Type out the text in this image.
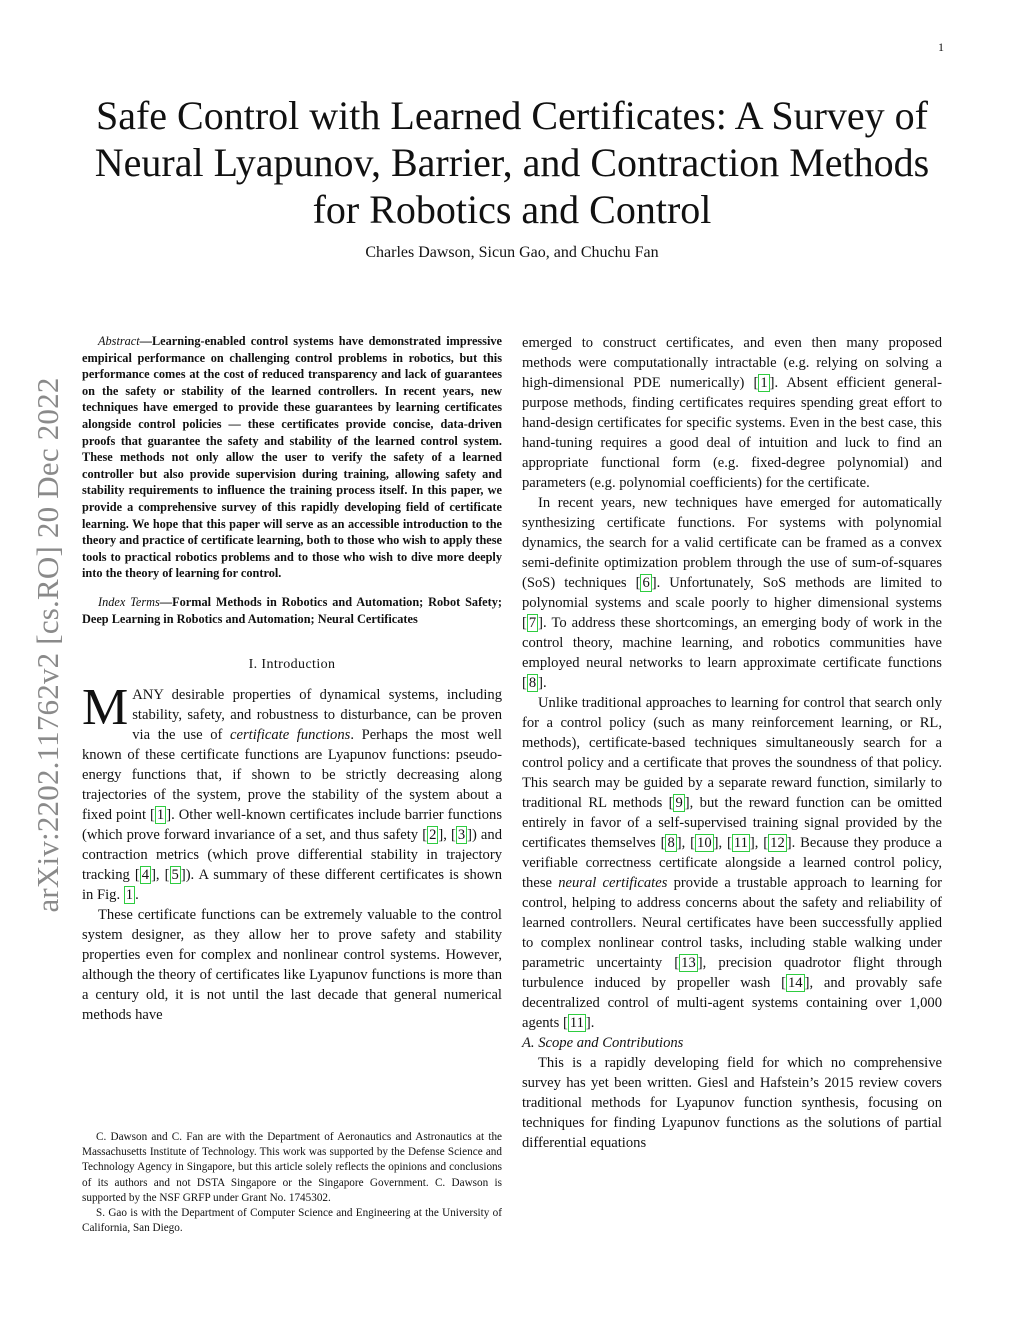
1
arXiv:2202.11762v2 [cs.RO] 20 Dec 2022
Safe Control with Learned Certificates: A Survey of
Neural Lyapunov, Barrier, and Contraction Methods
for Robotics and Control
Charles Dawson, Sicun Gao, and Chuchu Fan

Abstract—Learning-enabled control systems have demonstrated impressive empirical performance on challenging control problems in robotics, but this performance comes at the cost of reduced transparency and lack of guarantees on the safety or stability of the learned controllers. In recent years, new techniques have emerged to provide these guarantees by learning certificates alongside control policies — these certificates provide concise, data-driven proofs that guarantee the safety and stability of the learned control system. These methods not only allow the user to verify the safety of a learned controller but also provide supervision during training, allowing safety and stability requirements to influence the training process itself. In this paper, we provide a comprehensive survey of this rapidly developing field of certificate learning. We hope that this paper will serve as an accessible introduction to the theory and practice of certificate learning, both to those who wish to apply these tools to practical robotics problems and to those who wish to dive more deeply into the theory of learning for control.

Index Terms—Formal Methods in Robotics and Automation; Robot Safety; Deep Learning in Robotics and Automation; Neural Certificates

I. Introduction

MANY desirable properties of dynamical systems, including stability, safety, and robustness to disturbance, can be proven via the use of certificate functions. Perhaps the most well known of these certificate functions are Lyapunov functions: pseudo-energy functions that, if shown to be strictly decreasing along trajectories of the system, prove the stability of the system about a fixed point [ 1 ]. Other well-known certificates include barrier functions (which prove forward invariance of a set, and thus safety [ 2 ], [ 3 ]) and contraction metrics (which prove differential stability in trajectory tracking [ 4 ], [ 5 ]). A summary of these different certificates is shown in Fig. 1 .

These certificate functions can be extremely valuable to the control system designer, as they allow her to prove safety and stability properties even for complex and nonlinear control systems. However, although the theory of certificates like Lyapunov functions is more than a century old, it is not until the last decade that general numerical methods have

C. Dawson and C. Fan are with the Department of Aeronautics and Astronautics at the Massachusetts Institute of Technology. This work was supported by the Defense Science and Technology Agency in Singapore, but this article solely reflects the opinions and conclusions of its authors and not DSTA Singapore or the Singapore Government. C. Dawson is supported by the NSF GRFP under Grant No. 1745302.

S. Gao is with the Department of Computer Science and Engineering at the University of California, San Diego.

emerged to construct certificates, and even then many proposed methods were computationally intractable (e.g. relying on solving a high-dimensional PDE numerically) [ 1 ]. Absent efficient general-purpose methods, finding certificates requires spending great effort to hand-design certificates for specific systems. Even in the best case, this hand-tuning requires a good deal of intuition and luck to find an appropriate functional form (e.g. fixed-degree polynomial) and parameters (e.g. polynomial coefficients) for the certificate.

In recent years, new techniques have emerged for automatically synthesizing certificate functions. For systems with polynomial dynamics, the search for a valid certificate can be framed as a convex semi-definite optimization problem through the use of sum-of-squares (SoS) techniques [ 6 ]. Unfortunately, SoS methods are limited to polynomial systems and scale poorly to higher dimensional systems [ 7 ]. To address these shortcomings, an emerging body of work in the control theory, machine learning, and robotics communities have employed neural networks to learn approximate certificate functions [ 8 ].

Unlike traditional approaches to learning for control that search only for a control policy (such as many reinforcement learning, or RL, methods), certificate-based techniques simultaneously search for a control policy and a certificate that proves the soundness of that policy. This search may be guided by a separate reward function, similarly to traditional RL methods [ 9 ], but the reward function can be omitted entirely in favor of a self-supervised training signal provided by the certificates themselves [ 8 ], [ 10 ], [ 11 ], [ 12 ]. Because they produce a verifiable correctness certificate alongside a learned control policy, these neural certificates provide a trustable approach to learning for control, helping to address concerns about the safety and reliability of learned controllers. Neural certificates have been successfully applied to complex nonlinear control tasks, including stable walking under parametric uncertainty [ 13 ], precision quadrotor flight through turbulence induced by propeller wash [ 14 ], and provably safe decentralized control of multi-agent systems containing over 1,000 agents [ 11 ].

A. Scope and Contributions

This is a rapidly developing field for which no comprehensive survey has yet been written. Giesl and Hafstein’s 2015 review covers traditional methods for Lyapunov function synthesis, focusing on techniques for finding Lyapunov functions as the solutions of partial differential equations
